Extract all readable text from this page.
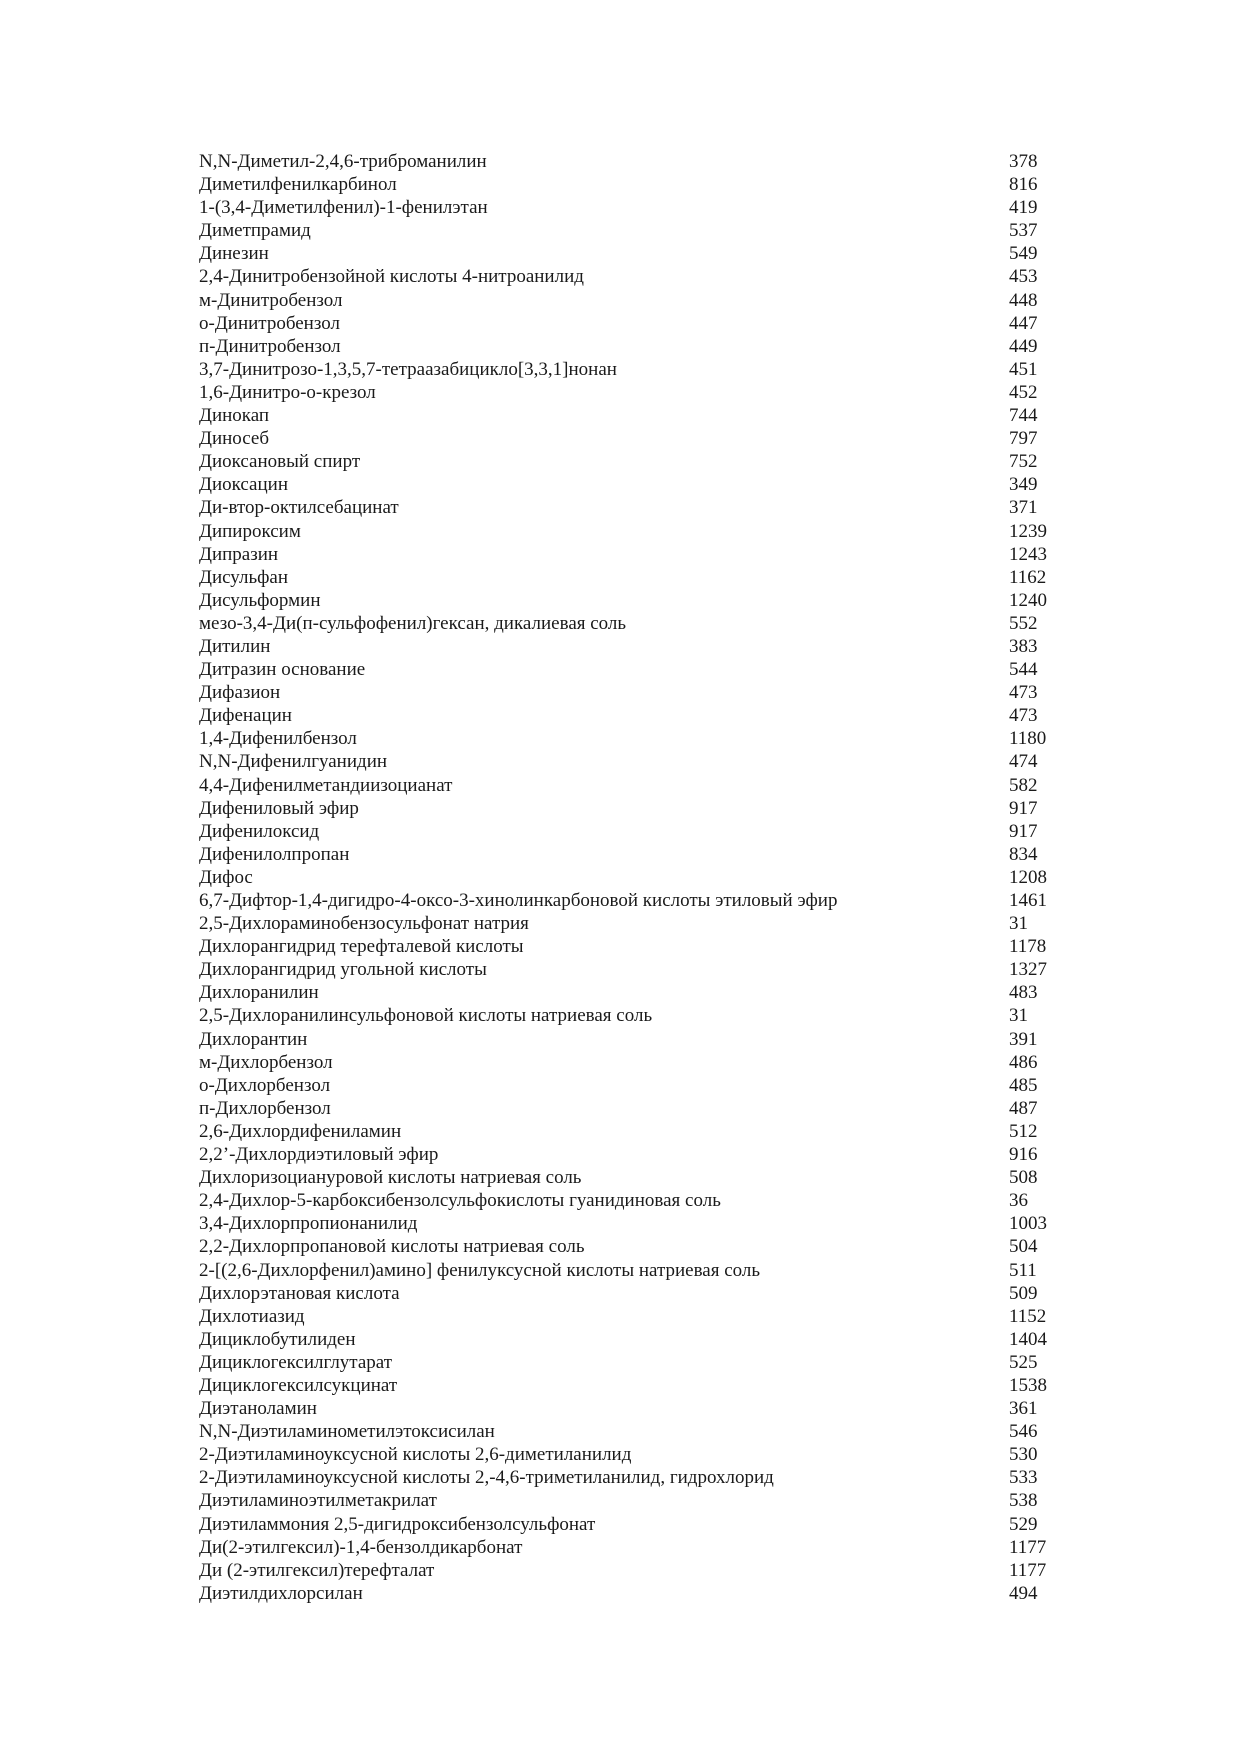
N,N-Диметил-2,4,6-триброманилин	378
Диметилфенилкарбинол	816
1-(3,4-Диметилфенил)-1-фенилэтан	419
Диметпрамид	537
Динезин	549
2,4-Динитробензойной кислоты 4-нитроанилид	453
м-Динитробензол	448
о-Динитробензол	447
п-Динитробензол	449
3,7-Динитрозо-1,3,5,7-тетраазабицикло[3,3,1]нонан	451
1,6-Динитро-о-крезол	452
Динокап	744
Диносеб	797
Диоксановый спирт	752
Диоксацин	349
Ди-втор-октилсебацинат	371
Дипироксим	1239
Дипразин	1243
Дисульфан	1162
Дисульформин	1240
мезо-3,4-Ди(п-сульфофенил)гексан, дикалиевая соль	552
Дитилин	383
Дитразин основание	544
Дифазион	473
Дифенацин	473
1,4-Дифенилбензол	1180
N,N-Дифенилгуанидин	474
4,4-Дифенилметандиизоцианат	582
Дифениловый эфир	917
Дифенилоксид	917
Дифенилолпропан	834
Дифос	1208
6,7-Дифтор-1,4-дигидро-4-оксо-3-хинолинкарбоновой кислоты этиловый эфир	1461
2,5-Дихлораминобензосульфонат натрия	31
Дихлорангидрид терефталевой кислоты	1178
Дихлорангидрид угольной кислоты	1327
Дихлоранилин	483
2,5-Дихлоранилинсульфоновой кислоты натриевая соль	31
Дихлорантин	391
м-Дихлорбензол	486
о-Дихлорбензол	485
п-Дихлорбензол	487
2,6-Дихлордифениламин	512
2,2’-Дихлордиэтиловый эфир	916
Дихлоризоциануровой кислоты натриевая соль	508
2,4-Дихлор-5-карбоксибензолсульфокислоты гуанидиновая соль	36
3,4-Дихлорпропионанилид	1003
2,2-Дихлорпропановой кислоты натриевая соль	504
2-[(2,6-Дихлорфенил)амино] фенилуксусной кислоты натриевая соль	511
Дихлорэтановая кислота	509
Дихлотиазид	1152
Дициклобутилиден	1404
Дициклогексилглутарат	525
Дициклогексилсукцинат	1538
Диэтаноламин	361
N,N-Диэтиламинометилэтоксисилан	546
2-Диэтиламиноуксусной кислоты 2,6-диметиланилид	530
2-Диэтиламиноуксусной кислоты 2,-4,6-триметиланилид, гидрохлорид	533
Диэтиламиноэтилметакрилат	538
Диэтиламмония 2,5-дигидроксибензолсульфонат	529
Ди(2-этилгексил)-1,4-бензолдикарбонат	1177
Ди (2-этилгексил)терефталат	1177
Диэтилдихлорсилан	494
